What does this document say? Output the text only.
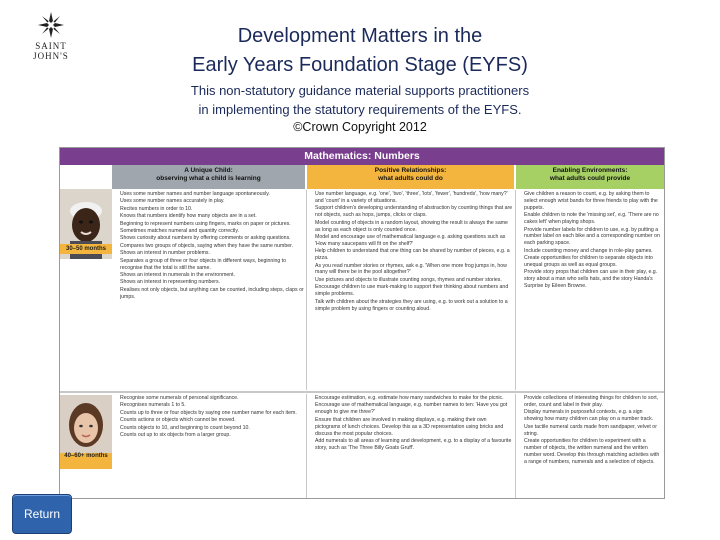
SAINT JOHN'S
Development Matters in the
Early Years Foundation Stage (EYFS)
This non-statutory guidance material supports practitioners
in implementing the statutory requirements of the EYFS.
©Crown Copyright 2012
Mathematics: Numbers
A Unique Child:
observing what a child is learning
Positive Relationships:
what adults could do
Enabling Environments:
what adults could provide
30–50 months
• Uses some number names and number language spontaneously.
• Uses some number names accurately in play.
• Recites numbers in order to 10.
• Knows that numbers identify how many objects are in a set.
• Beginning to represent numbers using fingers, marks on paper or pictures.
• Sometimes matches numeral and quantity correctly.
• Shows curiosity about numbers by offering comments or asking questions.
• Compares two groups of objects, saying when they have the same number.
• Shows an interest in number problems.
• Separates a group of three or four objects in different ways, beginning to recognise that the total is still the same.
• Shows an interest in numerals in the environment.
• Shows an interest in representing numbers.
• Realises not only objects, but anything can be counted, including steps, claps or jumps.
• Use number language, e.g. 'one', 'two', 'three', 'lots', 'fewer', 'hundreds', 'how many?' and 'count' in a variety of situations.
• Support children's developing understanding of abstraction by counting things that are not objects, such as hops, jumps, clicks or claps.
• Model counting of objects in a random layout, showing the result is always the same as long as each object is only counted once.
• Model and encourage use of mathematical language e.g. asking questions such as 'How many saucepans will fit on the shelf?'
• Help children to understand that one thing can be shared by number of pieces, e.g. a pizza.
• As you read number stories or rhymes, ask e.g. 'When one more frog jumps in, how many will there be in the pool altogether?'
• Use pictures and objects to illustrate counting songs, rhymes and number stories.
• Encourage children to use mark-making to support their thinking about numbers and simple problems.
• Talk with children about the strategies they are using, e.g. to work out a solution to a simple problem by using fingers or counting aloud.
• Give children a reason to count, e.g. by asking them to select enough wrist bands for three friends to play with the puppets.
• Enable children to note the 'missing set', e.g. 'There are no cakes left' when playing shops.
• Provide number labels for children to use, e.g. by putting a number label on each bike and a corresponding number on each parking space.
• Include counting money and change in role-play games.
• Create opportunities for children to separate objects into unequal groups as well as equal groups.
• Provide story props that children can use in their play, e.g. story about a man who sells hats, and the story Handa's Surprise by Eileen Browne.
40–60+ months
• Recognise some numerals of personal significance.
• Recognises numerals 1 to 5.
• Counts up to three or four objects by saying one number name for each item.
• Counts actions or objects which cannot be moved.
• Counts objects to 10, and beginning to count beyond 10.
• Counts out up to six objects from a larger group.
• Encourage estimation, e.g. estimate how many sandwiches to make for the picnic.
• Encourage use of mathematical language, e.g. number names to ten: 'Have you got enough to give me three?'
• Ensure that children are involved in making displays, e.g. making their own pictograms of lunch choices. Develop this as a 3D representation using bricks and discuss the most popular choices.
• Add numerals to all areas of learning and development, e.g. to a display of a favourite story, such as 'The Three Billy Goats Gruff'.
• Provide collections of interesting things for children to sort, order, count and label in their play.
• Display numerals in purposeful contexts, e.g. a sign showing how many children can play on a number track.
• Use tactile numeral cards made from sandpaper, velvet or string.
• Create opportunities for children to experiment with a number of objects, the written numeral and the written number word. Develop this through matching activities with a range of numbers, numerals and a selection of objects.
Return
